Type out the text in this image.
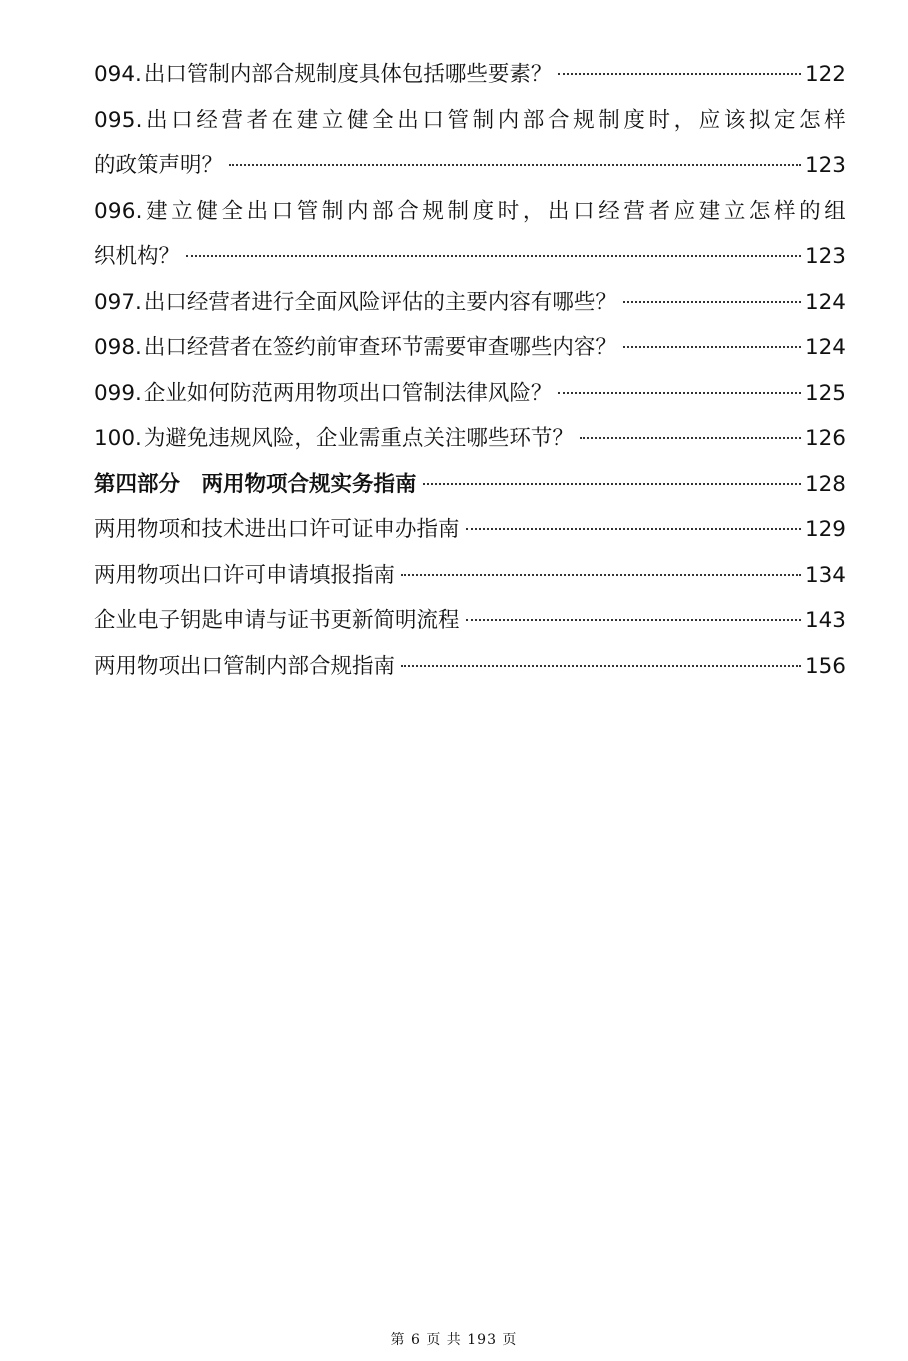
094.出口管制内部合规制度具体包括哪些要素？	122
095.出口经营者在建立健全出口管制内部合规制度时，应该拟定怎样
的政策声明？	123
096.建立健全出口管制内部合规制度时，出口经营者应建立怎样的组
织机构？	123
097.出口经营者进行全面风险评估的主要内容有哪些？	124
098.出口经营者在签约前审查环节需要审查哪些内容？	124
099.企业如何防范两用物项出口管制法律风险？	125
100.为避免违规风险，企业需重点关注哪些环节？	126
第四部分　两用物项合规实务指南	128
两用物项和技术进出口许可证申办指南	129
两用物项出口许可申请填报指南	134
企业电子钥匙申请与证书更新简明流程	143
两用物项出口管制内部合规指南	156
第 6 页 共 193 页
